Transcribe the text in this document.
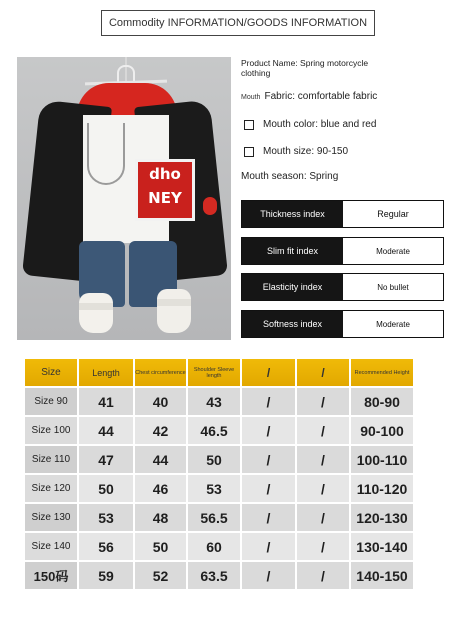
Commodity INFORMATION/GOODS INFORMATION
dho NEY
Product Name: Spring motorcycle clothing
Mouth Fabric: comfortable fabric
Mouth color: blue and red
Mouth size: 90-150
Mouth season: Spring
Thickness index	Regular
Slim fit index	Moderate
Elasticity index	No bullet
Softness index	Moderate
Size	Length	Chest circumference	Shoulder Sleeve length	/	/	Recommended Height
Size 90	41	40	43	/	/	80-90
Size 100	44	42	46.5	/	/	90-100
Size 110	47	44	50	/	/	100-110
Size 120	50	46	53	/	/	110-120
Size 130	53	48	56.5	/	/	120-130
Size 140	56	50	60	/	/	130-140
150码	59	52	63.5	/	/	140-150
